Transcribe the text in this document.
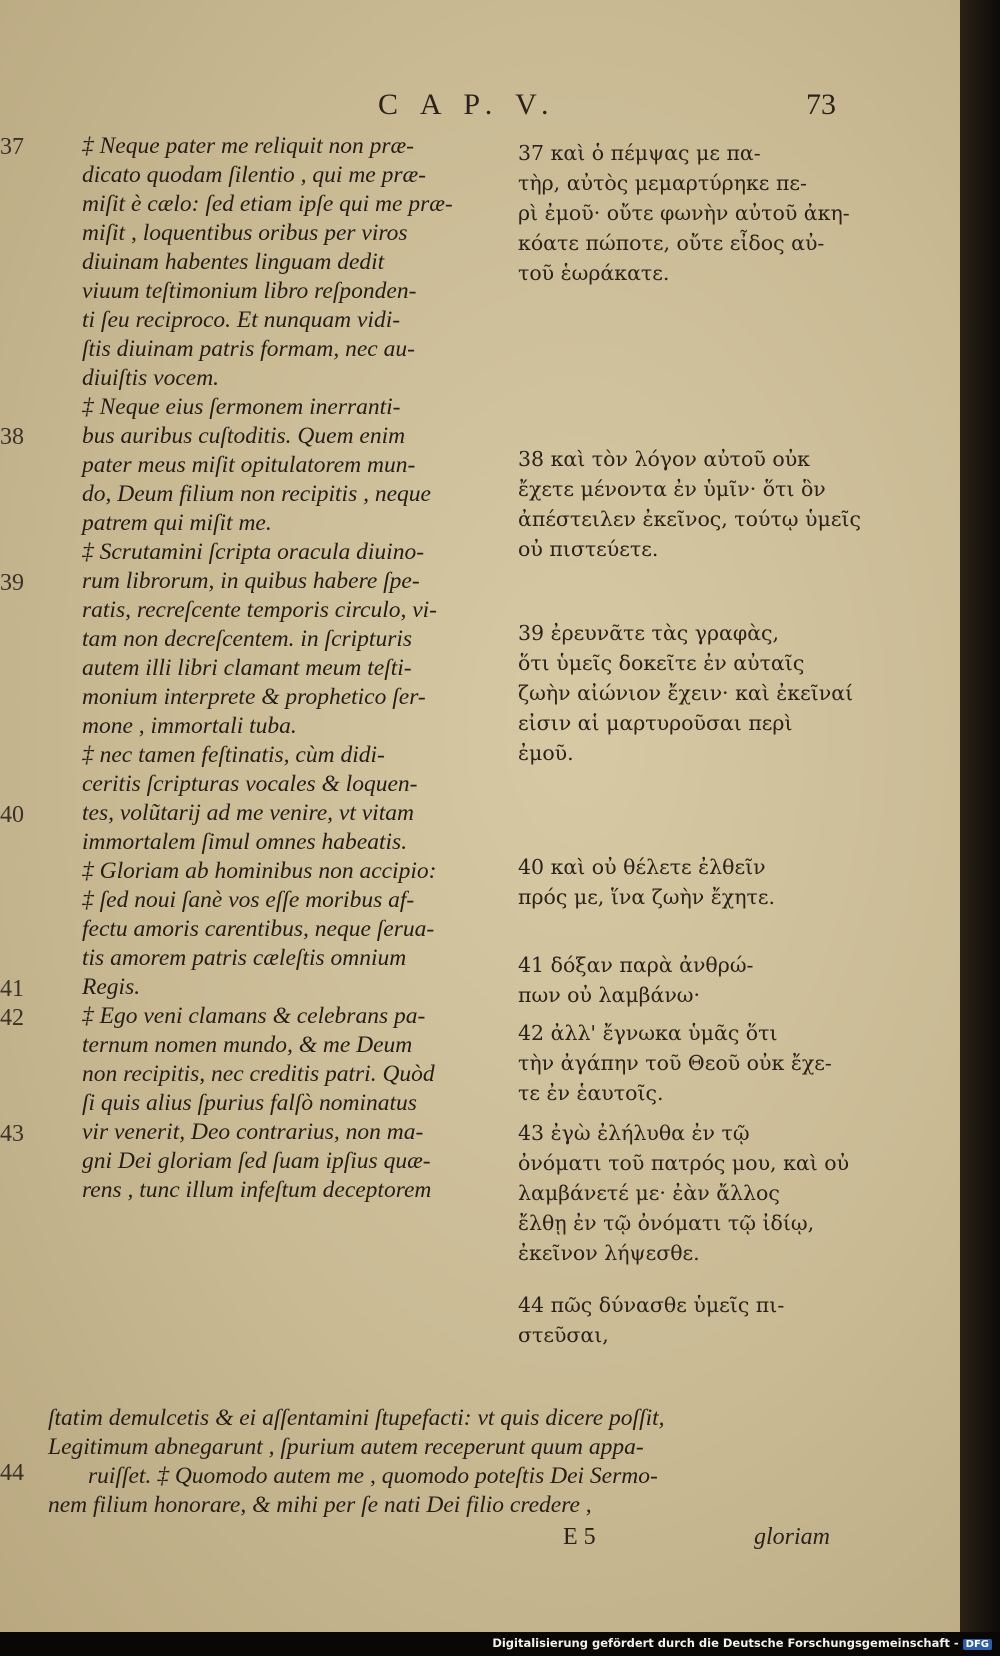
C A P. V.	73
37
38
39
40
41
42
43
44
‡ Neque pater me reliquit non præ-
dicato quodam ſilentio , qui me præ-
miſit è cælo: ſed etiam ipſe qui me præ-
miſit , loquentibus oribus per viros
diuinam habentes linguam dedit
viuum teſtimonium libro reſponden-
ti ſeu reciproco. Et nunquam vidi-
ſtis diuinam patris formam, nec au-
diuiſtis vocem.
‡ Neque eius ſermonem inerranti-
bus auribus cuſtoditis. Quem enim
pater meus miſit opitulatorem mun-
do, Deum filium non recipitis , neque
patrem qui miſit me.
‡ Scrutamini ſcripta oracula diuino-
rum librorum, in quibus habere ſpe-
ratis, recreſcente temporis circulo, vi-
tam non decreſcentem. in ſcripturis
autem illi libri clamant meum teſti-
monium interprete & prophetico ſer-
mone , immortali tuba.
‡ nec tamen feſtinatis, cùm didi-
ceritis ſcripturas vocales & loquen-
tes, volũtarij ad me venire, vt vitam
immortalem ſimul omnes habeatis.
‡ Gloriam ab hominibus non accipio:
‡ ſed noui ſanè vos eſſe moribus af-
fectu amoris carentibus, neque ſerua-
tis amorem patris cæleſtis omnium
Regis.
‡ Ego veni clamans & celebrans pa-
ternum nomen mundo, & me Deum
non recipitis, nec creditis patri. Quòd
ſi quis alius ſpurius falſò nominatus
vir venerit, Deo contrarius, non ma-
gni Dei gloriam ſed ſuam ipſius quæ-
rens , tunc illum infeſtum deceptorem
37 καὶ ὁ πέμψας με πα-
τὴρ, αὐτὸς μεμαρτύρηκε πε-
ρὶ ἐμοῦ· οὔτε φωνὴν αὐτοῦ ἀκη-
κόατε πώποτε, οὔτε εἶδος αὐ-
τοῦ ἑωράκατε.
38 καὶ τὸν λόγον αὐτοῦ οὐκ
ἔχετε μένοντα ἐν ὑμῖν· ὅτι ὃν
ἀπέστειλεν ἐκεῖνος, τούτῳ ὑμεῖς
οὐ πιστεύετε.
39 ἐρευνᾶτε τὰς γραφὰς,
ὅτι ὑμεῖς δοκεῖτε ἐν αὐταῖς
ζωὴν αἰώνιον ἔχειν· καὶ ἐκεῖναί
εἰσιν αἱ μαρτυροῦσαι περὶ
ἐμοῦ.
40 καὶ οὐ θέλετε ἐλθεῖν
πρός με, ἵνα ζωὴν ἔχητε.
41 δόξαν παρὰ ἀνθρώ-
πων οὐ λαμβάνω·
42 ἀλλ' ἔγνωκα ὑμᾶς ὅτι
τὴν ἀγάπην τοῦ Θεοῦ οὐκ ἔχε-
τε ἐν ἑαυτοῖς.
43 ἐγὼ ἐλήλυθα ἐν τῷ
ὀνόματι τοῦ πατρός μου, καὶ οὐ
λαμβάνετέ με· ἐὰν ἄλλος
ἔλθῃ ἐν τῷ ὀνόματι τῷ ἰδίῳ,
ἐκεῖνον λήψεσθε.
44 πῶς δύνασθε ὑμεῖς πι-
στεῦσαι,
ſtatim demulcetis & ei aſſentamini ſtupefacti: vt quis dicere poſſit,
Legitimum abnegarunt , ſpurium autem receperunt quum appa-
ruiſſet. ‡ Quomodo autem me , quomodo poteſtis Dei Sermo-
nem filium honorare, & mihi per ſe nati Dei filio credere ,
E 5	gloriam
Digitalisierung gefördert durch die Deutsche Forschungsgemeinschaft - DFG
